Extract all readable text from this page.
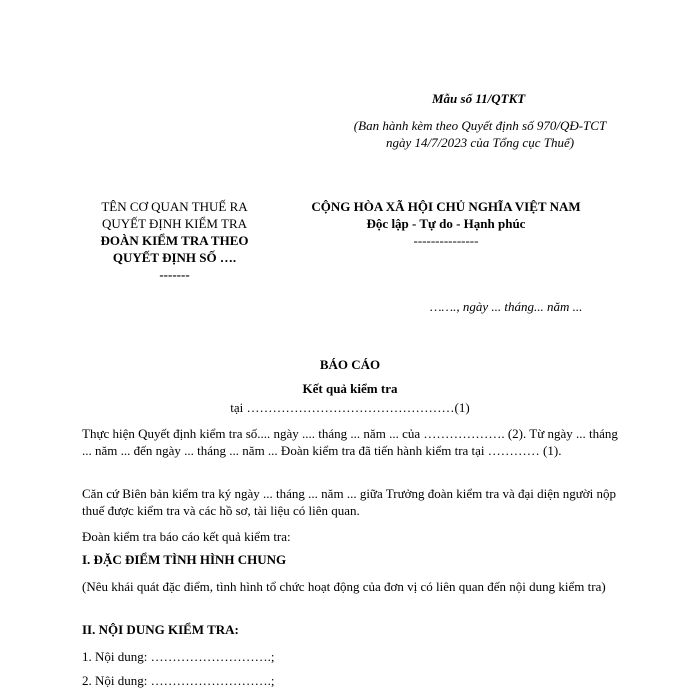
Mẫu số 11/QTKT
(Ban hành kèm theo Quyết định số 970/QĐ-TCT
ngày 14/7/2023 của Tổng cục Thuế)
TÊN CƠ QUAN THUẾ RA
QUYẾT ĐỊNH KIỂM TRA
ĐOÀN KIỂM TRA THEO
QUYẾT ĐỊNH SỐ ….
-------
CỘNG HÒA XÃ HỘI CHỦ NGHĨA VIỆT NAM
Độc lập - Tự do - Hạnh phúc
---------------
……., ngày ... tháng... năm ...
BÁO CÁO
Kết quả kiểm tra
tại …………………………………………(1)
Thực hiện Quyết định kiểm tra số.... ngày .... tháng ... năm ... của ………………. (2). Từ ngày ... tháng ... năm ... đến ngày ... tháng ... năm ... Đoàn kiểm tra đã tiến hành kiểm tra tại ………… (1).
Căn cứ Biên bản kiểm tra ký ngày ... tháng ... năm ... giữa Trưởng đoàn kiểm tra và đại diện người nộp thuế được kiểm tra và các hồ sơ, tài liệu có liên quan.
Đoàn kiểm tra báo cáo kết quả kiểm tra:
I. ĐẶC ĐIỂM TÌNH HÌNH CHUNG
(Nêu khái quát đặc điểm, tình hình tổ chức hoạt động của đơn vị có liên quan đến nội dung kiểm tra)
II. NỘI DUNG KIỂM TRA:
1. Nội dung: ……………………….;
2. Nội dung: ……………………….;
